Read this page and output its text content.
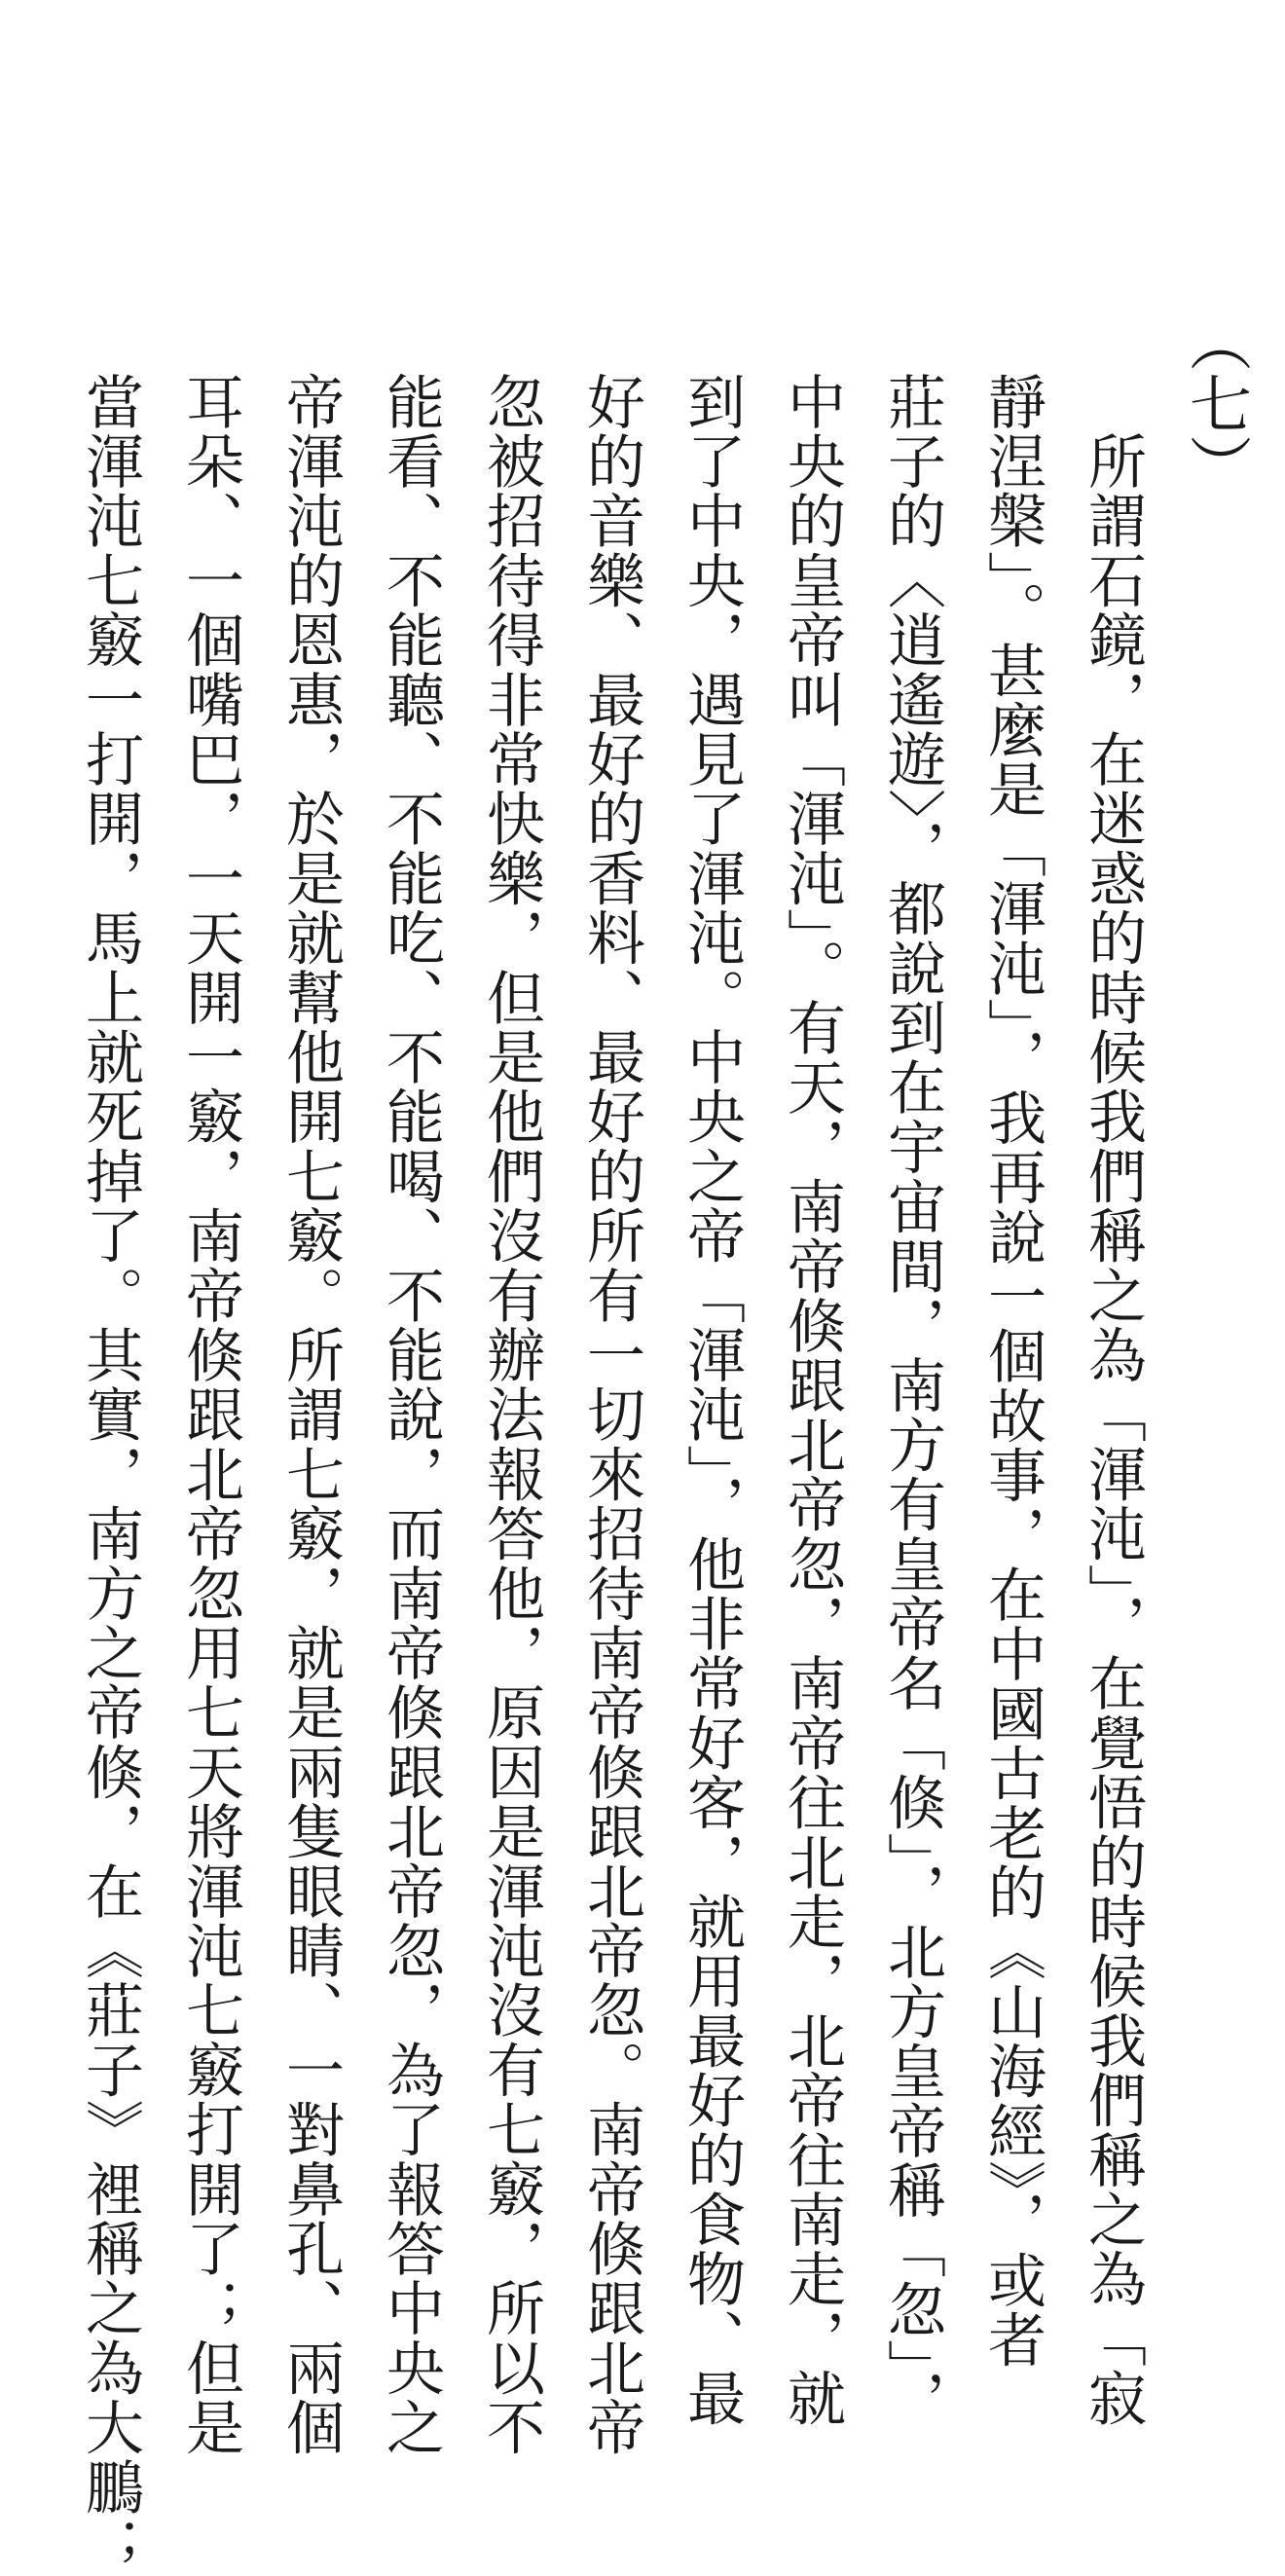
（七）
　所謂石鏡，在迷惑的時候我們稱之為「渾沌」，在覺悟的時候我們稱之為「寂
靜涅槃」。甚麼是「渾沌」，我再說一個故事，在中國古老的《山海經》，或者
莊子的〈逍遙遊〉，都說到在宇宙間，南方有皇帝名「倏」，北方皇帝稱「忽」，
中央的皇帝叫「渾沌」。有天，南帝倏跟北帝忽，南帝往北走，北帝往南走，就
到了中央，遇見了渾沌。中央之帝「渾沌」，他非常好客，就用最好的食物、最
好的音樂、最好的香料、最好的所有一切來招待南帝倏跟北帝忽。南帝倏跟北帝
忽被招待得非常快樂，但是他們沒有辦法報答他，原因是渾沌沒有七竅，所以不
能看、不能聽、不能吃、不能喝、不能說，而南帝倏跟北帝忽，為了報答中央之
帝渾沌的恩惠，於是就幫他開七竅。所謂七竅，就是兩隻眼睛、一對鼻孔、兩個
耳朵、一個嘴巴，一天開一竅，南帝倏跟北帝忽用七天將渾沌七竅打開了；但是
當渾沌七竅一打開，馬上就死掉了。其實，南方之帝倏，在《莊子》裡稱之為大鵬；
